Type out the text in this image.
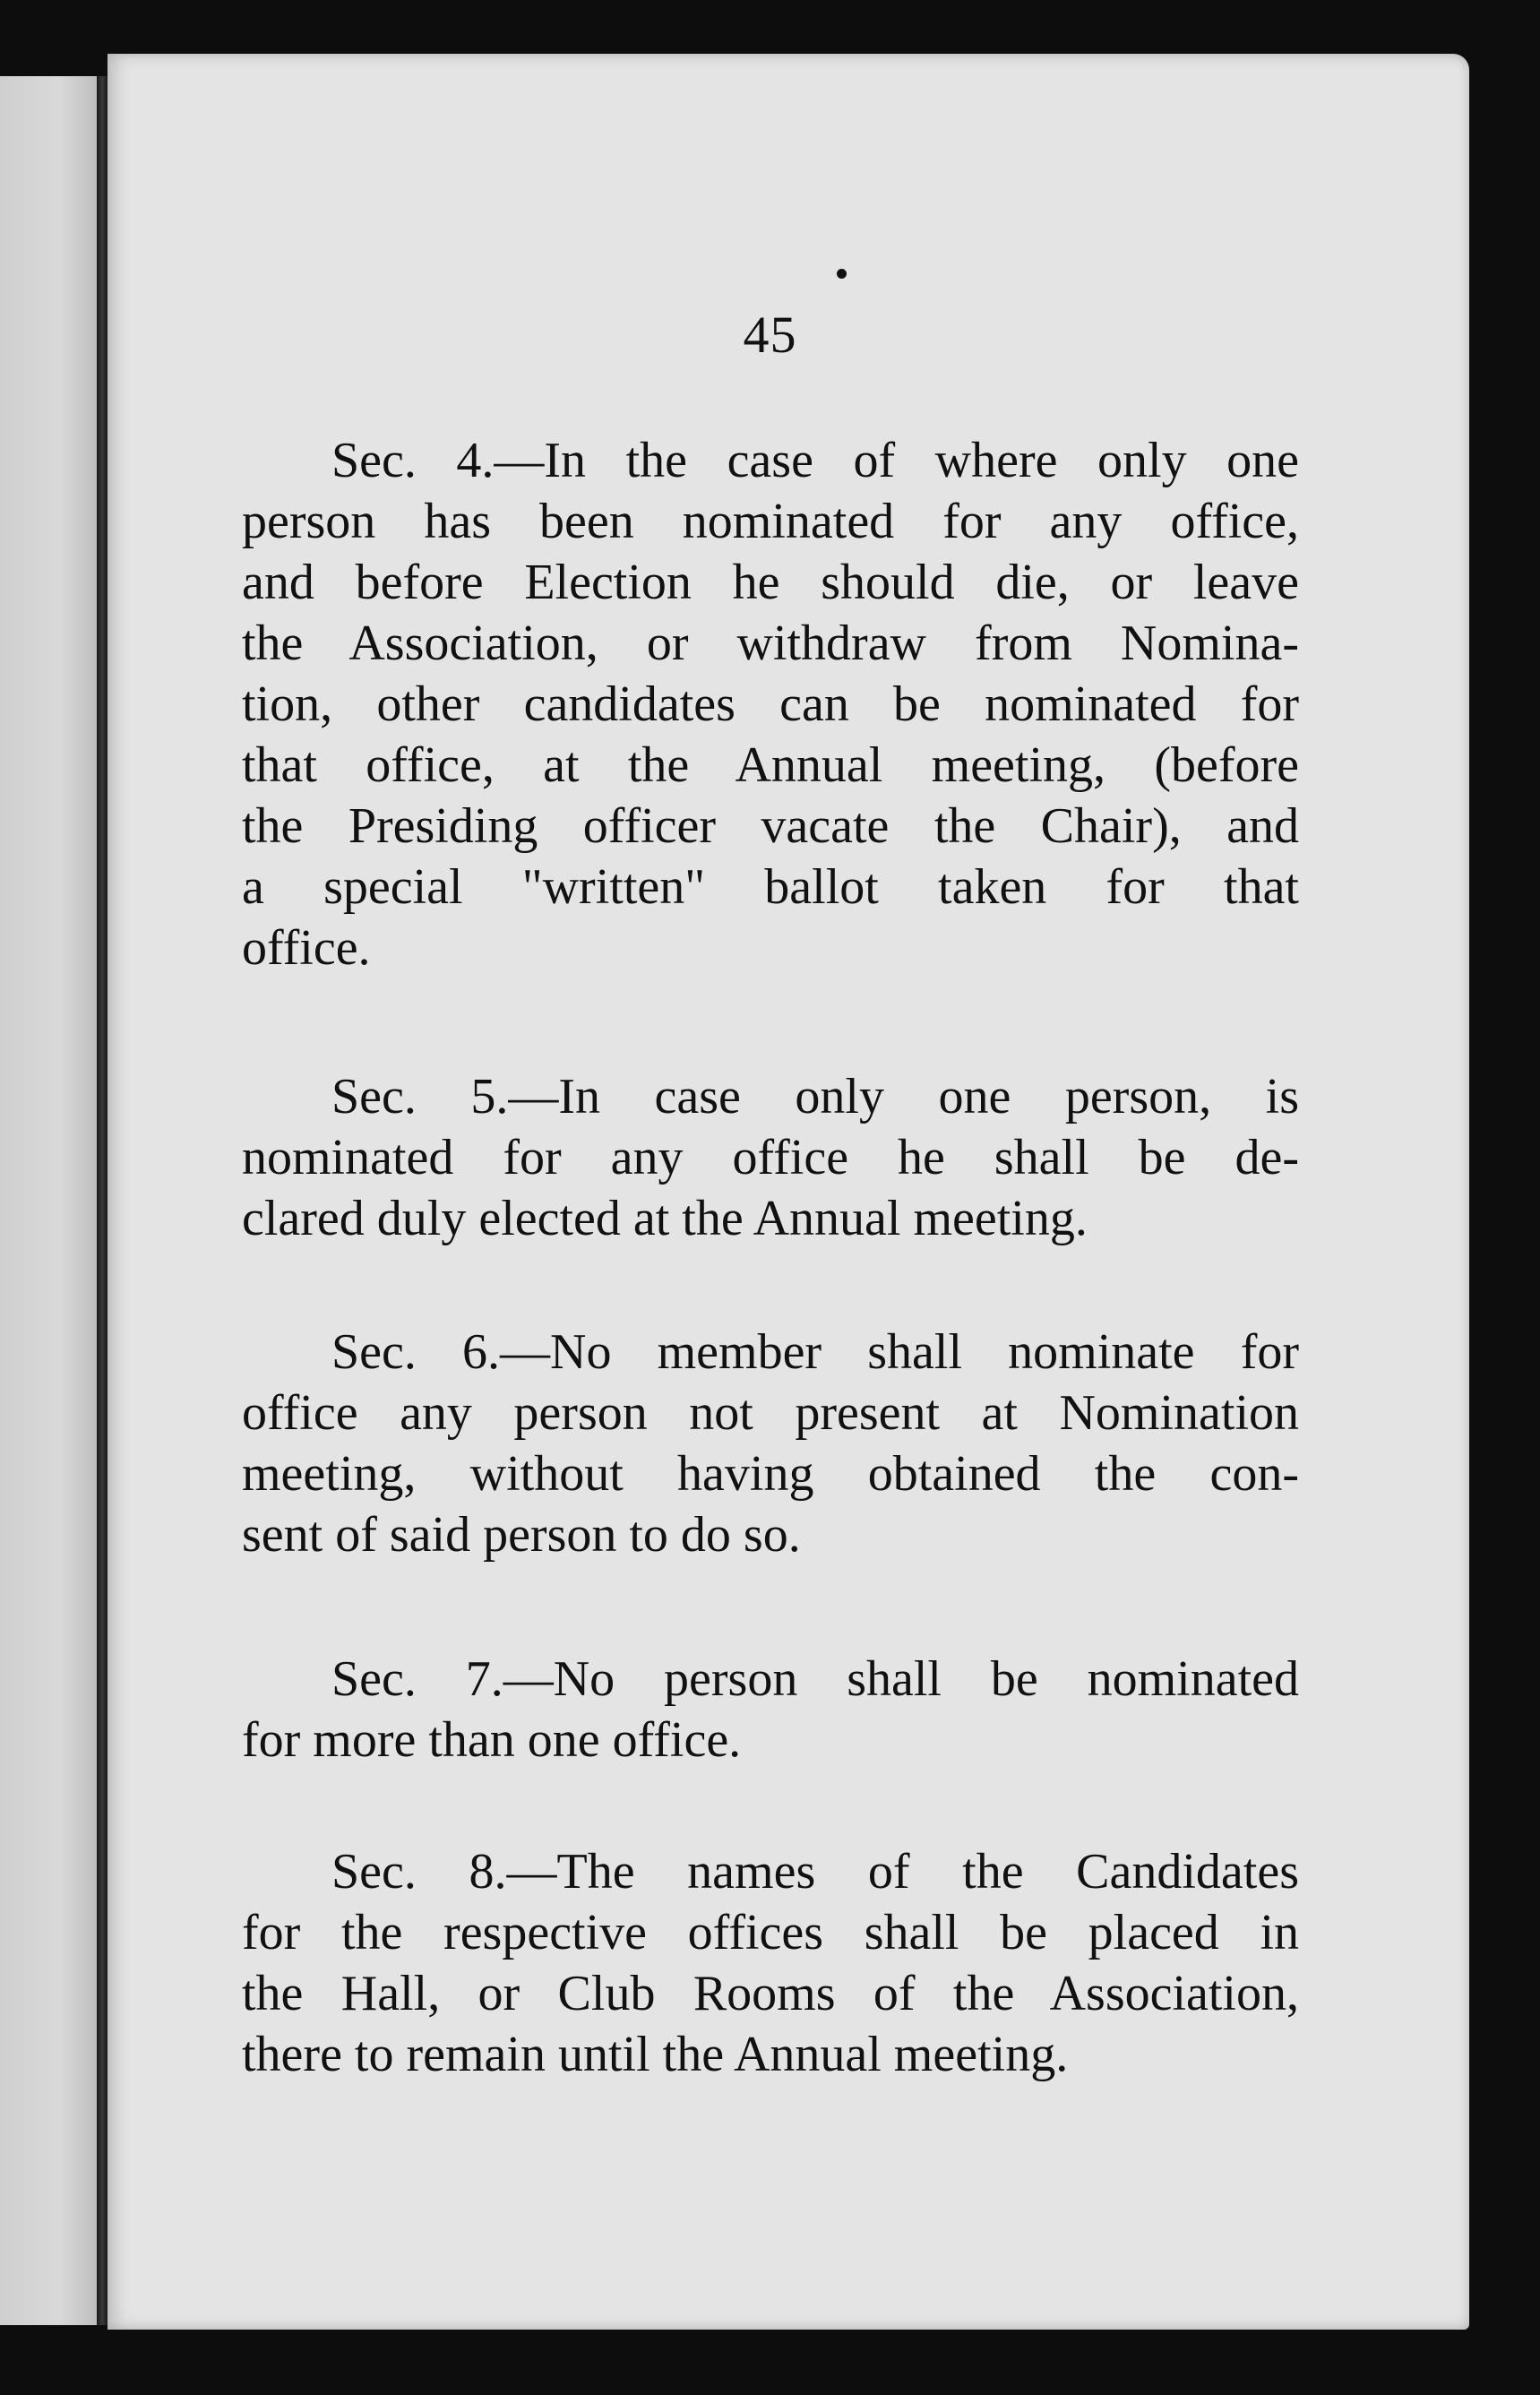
45
Sec. 4.—In the case of where only one
person has been nominated for any office,
and before Election he should die, or leave
the Association, or withdraw from Nomina-
tion, other candidates can be nominated for
that office, at the Annual meeting, (before
the Presiding officer vacate the Chair), and
a special "written" ballot taken for that
office.
Sec. 5.—In case only one person, is
nominated for any office he shall be de-
clared duly elected at the Annual meeting.
Sec. 6.—No member shall nominate for
office any person not present at Nomination
meeting, without having obtained the con-
sent of said person to do so.
Sec. 7.—No person shall be nominated
for more than one office.
Sec. 8.—The names of the Candidates
for the respective offices shall be placed in
the Hall, or Club Rooms of the Association,
there to remain until the Annual meeting.
